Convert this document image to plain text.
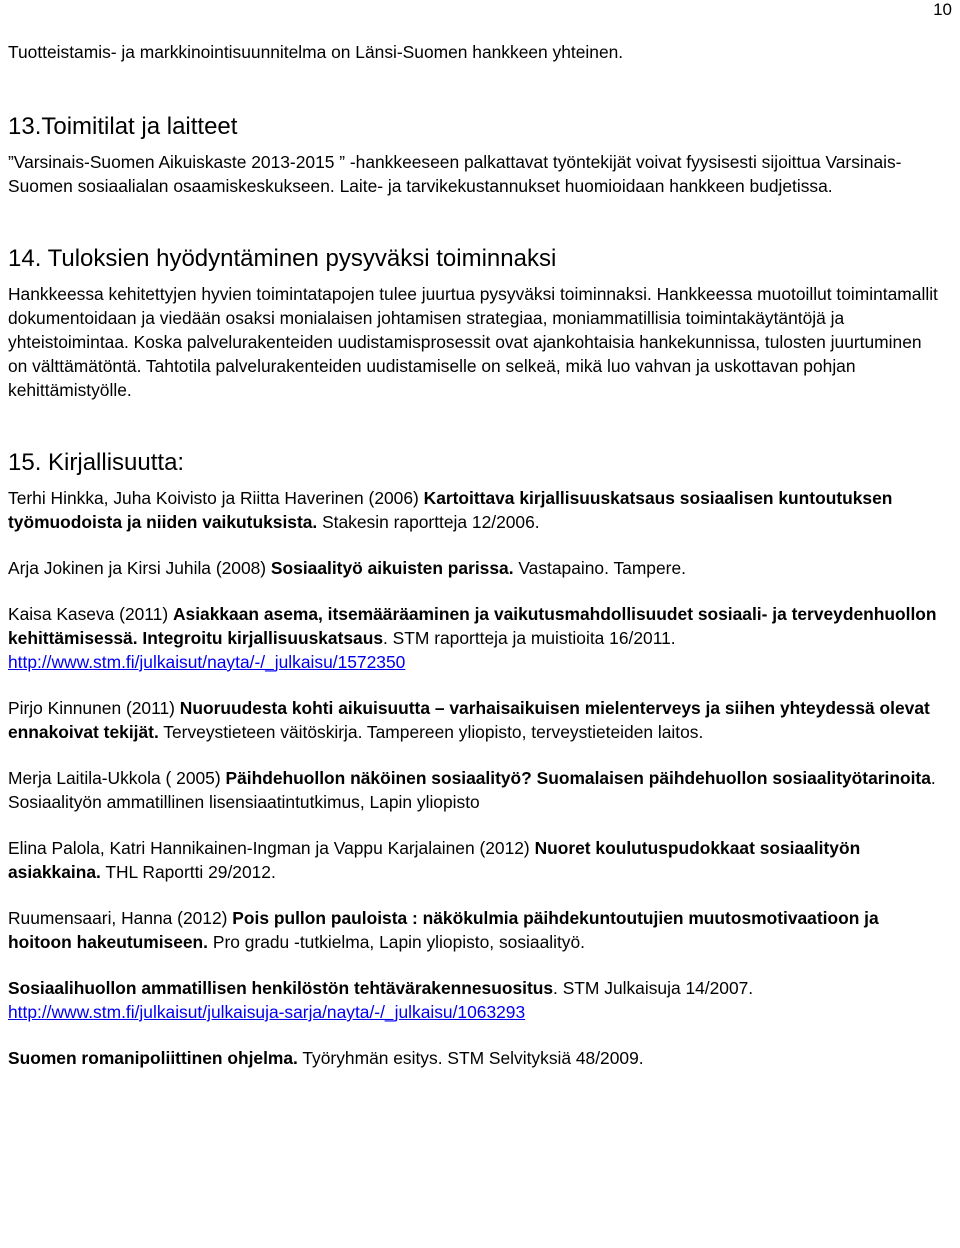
10

Tuotteistamis- ja markkinointisuunnitelma on Länsi-Suomen hankkeen yhteinen.

13.Toimitilat ja laitteet

”Varsinais-Suomen Aikuiskaste 2013-2015 ” -hankkeeseen palkattavat työntekijät voivat fyysisesti sijoittua Varsinais-Suomen sosiaalialan osaamiskeskukseen. Laite- ja tarvikekustannukset huomioidaan hankkeen budjetissa.

14. Tuloksien hyödyntäminen pysyväksi toiminnaksi

Hankkeessa kehitettyjen hyvien toimintatapojen tulee juurtua pysyväksi toiminnaksi. Hankkeessa muotoillut toimintamallit dokumentoidaan ja viedään osaksi monialaisen johtamisen strategiaa, moniammatillisia toimintakäytäntöjä ja yhteistoimintaa. Koska palvelurakenteiden uudistamisprosessit ovat ajankohtaisia hankekunnissa, tulosten juurtuminen on välttämätöntä. Tahtotila palvelurakenteiden uudistamiselle on selkeä, mikä luo vahvan ja uskottavan pohjan kehittämistyölle.

15. Kirjallisuutta:

Terhi Hinkka, Juha Koivisto ja Riitta Haverinen (2006) Kartoittava kirjallisuuskatsaus sosiaalisen kuntoutuksen työmuodoista ja niiden vaikutuksista. Stakesin raportteja 12/2006.

Arja Jokinen ja Kirsi Juhila (2008) Sosiaalityö aikuisten parissa. Vastapaino. Tampere.

Kaisa Kaseva (2011) Asiakkaan asema, itsemääräaminen ja vaikutusmahdollisuudet sosiaali- ja terveydenhuollon kehittämisessä. Integroitu kirjallisuuskatsaus. STM raportteja ja muistioita 16/2011. http://www.stm.fi/julkaisut/nayta/-/_julkaisu/1572350

Pirjo Kinnunen (2011) Nuoruudesta kohti aikuisuutta – varhaisaikuisen mielenterveys ja siihen yhteydessä olevat ennakoivat tekijät. Terveystieteen väitöskirja. Tampereen yliopisto, terveystieteiden laitos.

Merja Laitila-Ukkola ( 2005) Päihdehuollon näköinen sosiaalityö? Suomalaisen päihdehuollon sosiaalityötarinoita. Sosiaalityön ammatillinen lisensiaatintutkimus, Lapin yliopisto

Elina Palola, Katri Hannikainen-Ingman ja Vappu Karjalainen (2012) Nuoret koulutuspudokkaat sosiaalityön asiakkaina. THL Raportti 29/2012.

Ruumensaari, Hanna (2012) Pois pullon pauloista : näkökulmia päihdekuntoutujien muutosmotivaatioon ja hoitoon hakeutumiseen. Pro gradu -tutkielma, Lapin yliopisto, sosiaalityö.

Sosiaalihuollon ammatillisen henkilöstön tehtävärakennesuositus. STM Julkaisuja 14/2007. http://www.stm.fi/julkaisut/julkaisuja-sarja/nayta/-/_julkaisu/1063293

Suomen romanipoliittinen ohjelma. Työryhmän esitys. STM Selvityksiä 48/2009.
